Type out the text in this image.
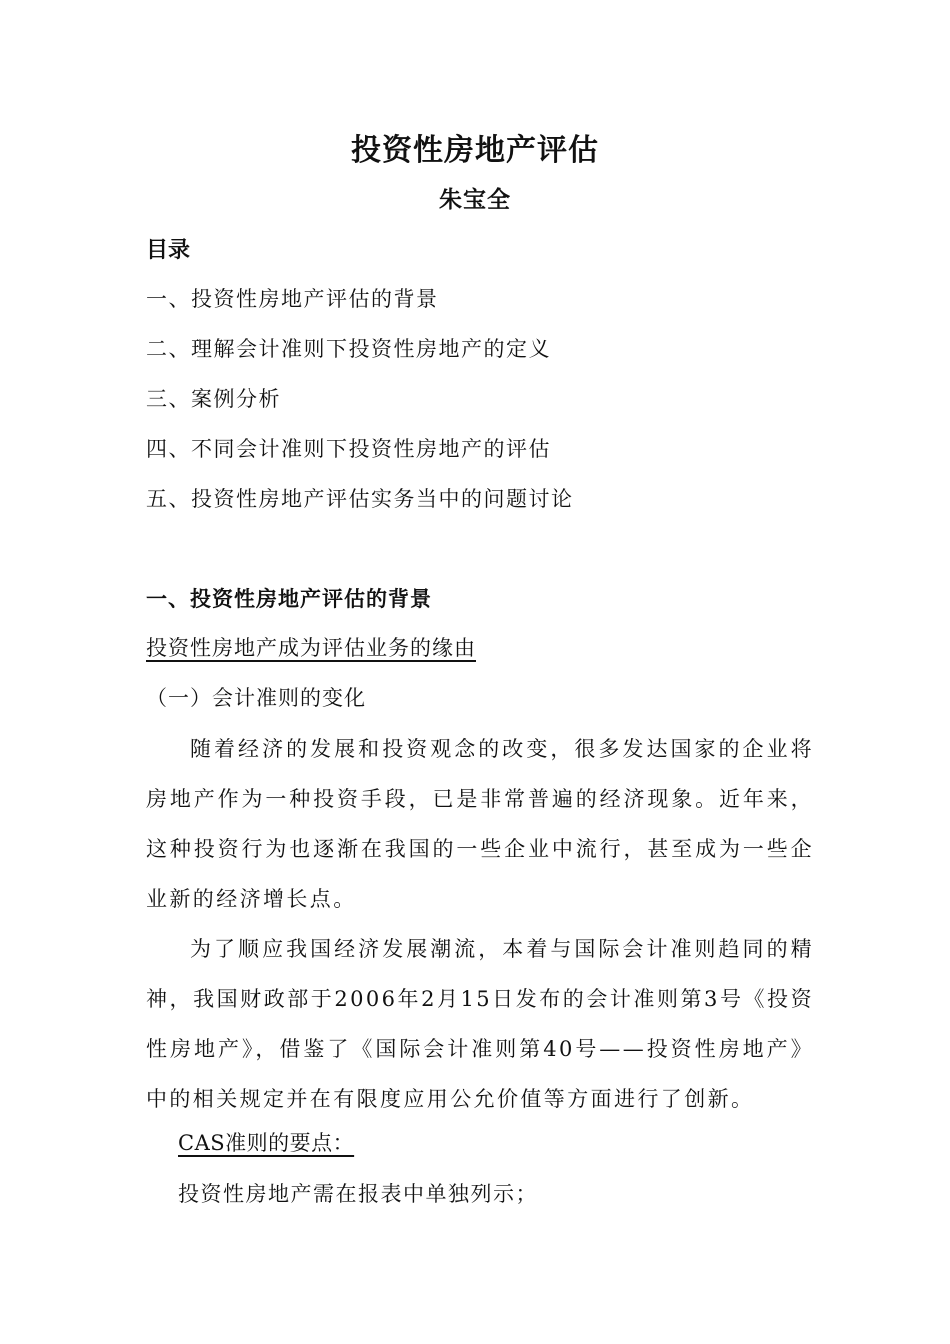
投资性房地产评估
朱宝全
目录
一、投资性房地产评估的背景
二、理解会计准则下投资性房地产的定义
三、案例分析
四、不同会计准则下投资性房地产的评估
五、投资性房地产评估实务当中的问题讨论
一、投资性房地产评估的背景
投资性房地产成为评估业务的缘由
（一）会计准则的变化
随着经济的发展和投资观念的改变，很多发达国家的企业将房地产作为一种投资手段，已是非常普遍的经济现象。近年来，这种投资行为也逐渐在我国的一些企业中流行，甚至成为一些企业新的经济增长点。
为了顺应我国经济发展潮流，本着与国际会计准则趋同的精神，我国财政部于2006年2月15日发布的会计准则第3号《投资性房地产》，借鉴了《国际会计准则第40号——投资性房地产》中的相关规定并在有限度应用公允价值等方面进行了创新。
CAS准则的要点：
投资性房地产需在报表中单独列示；
